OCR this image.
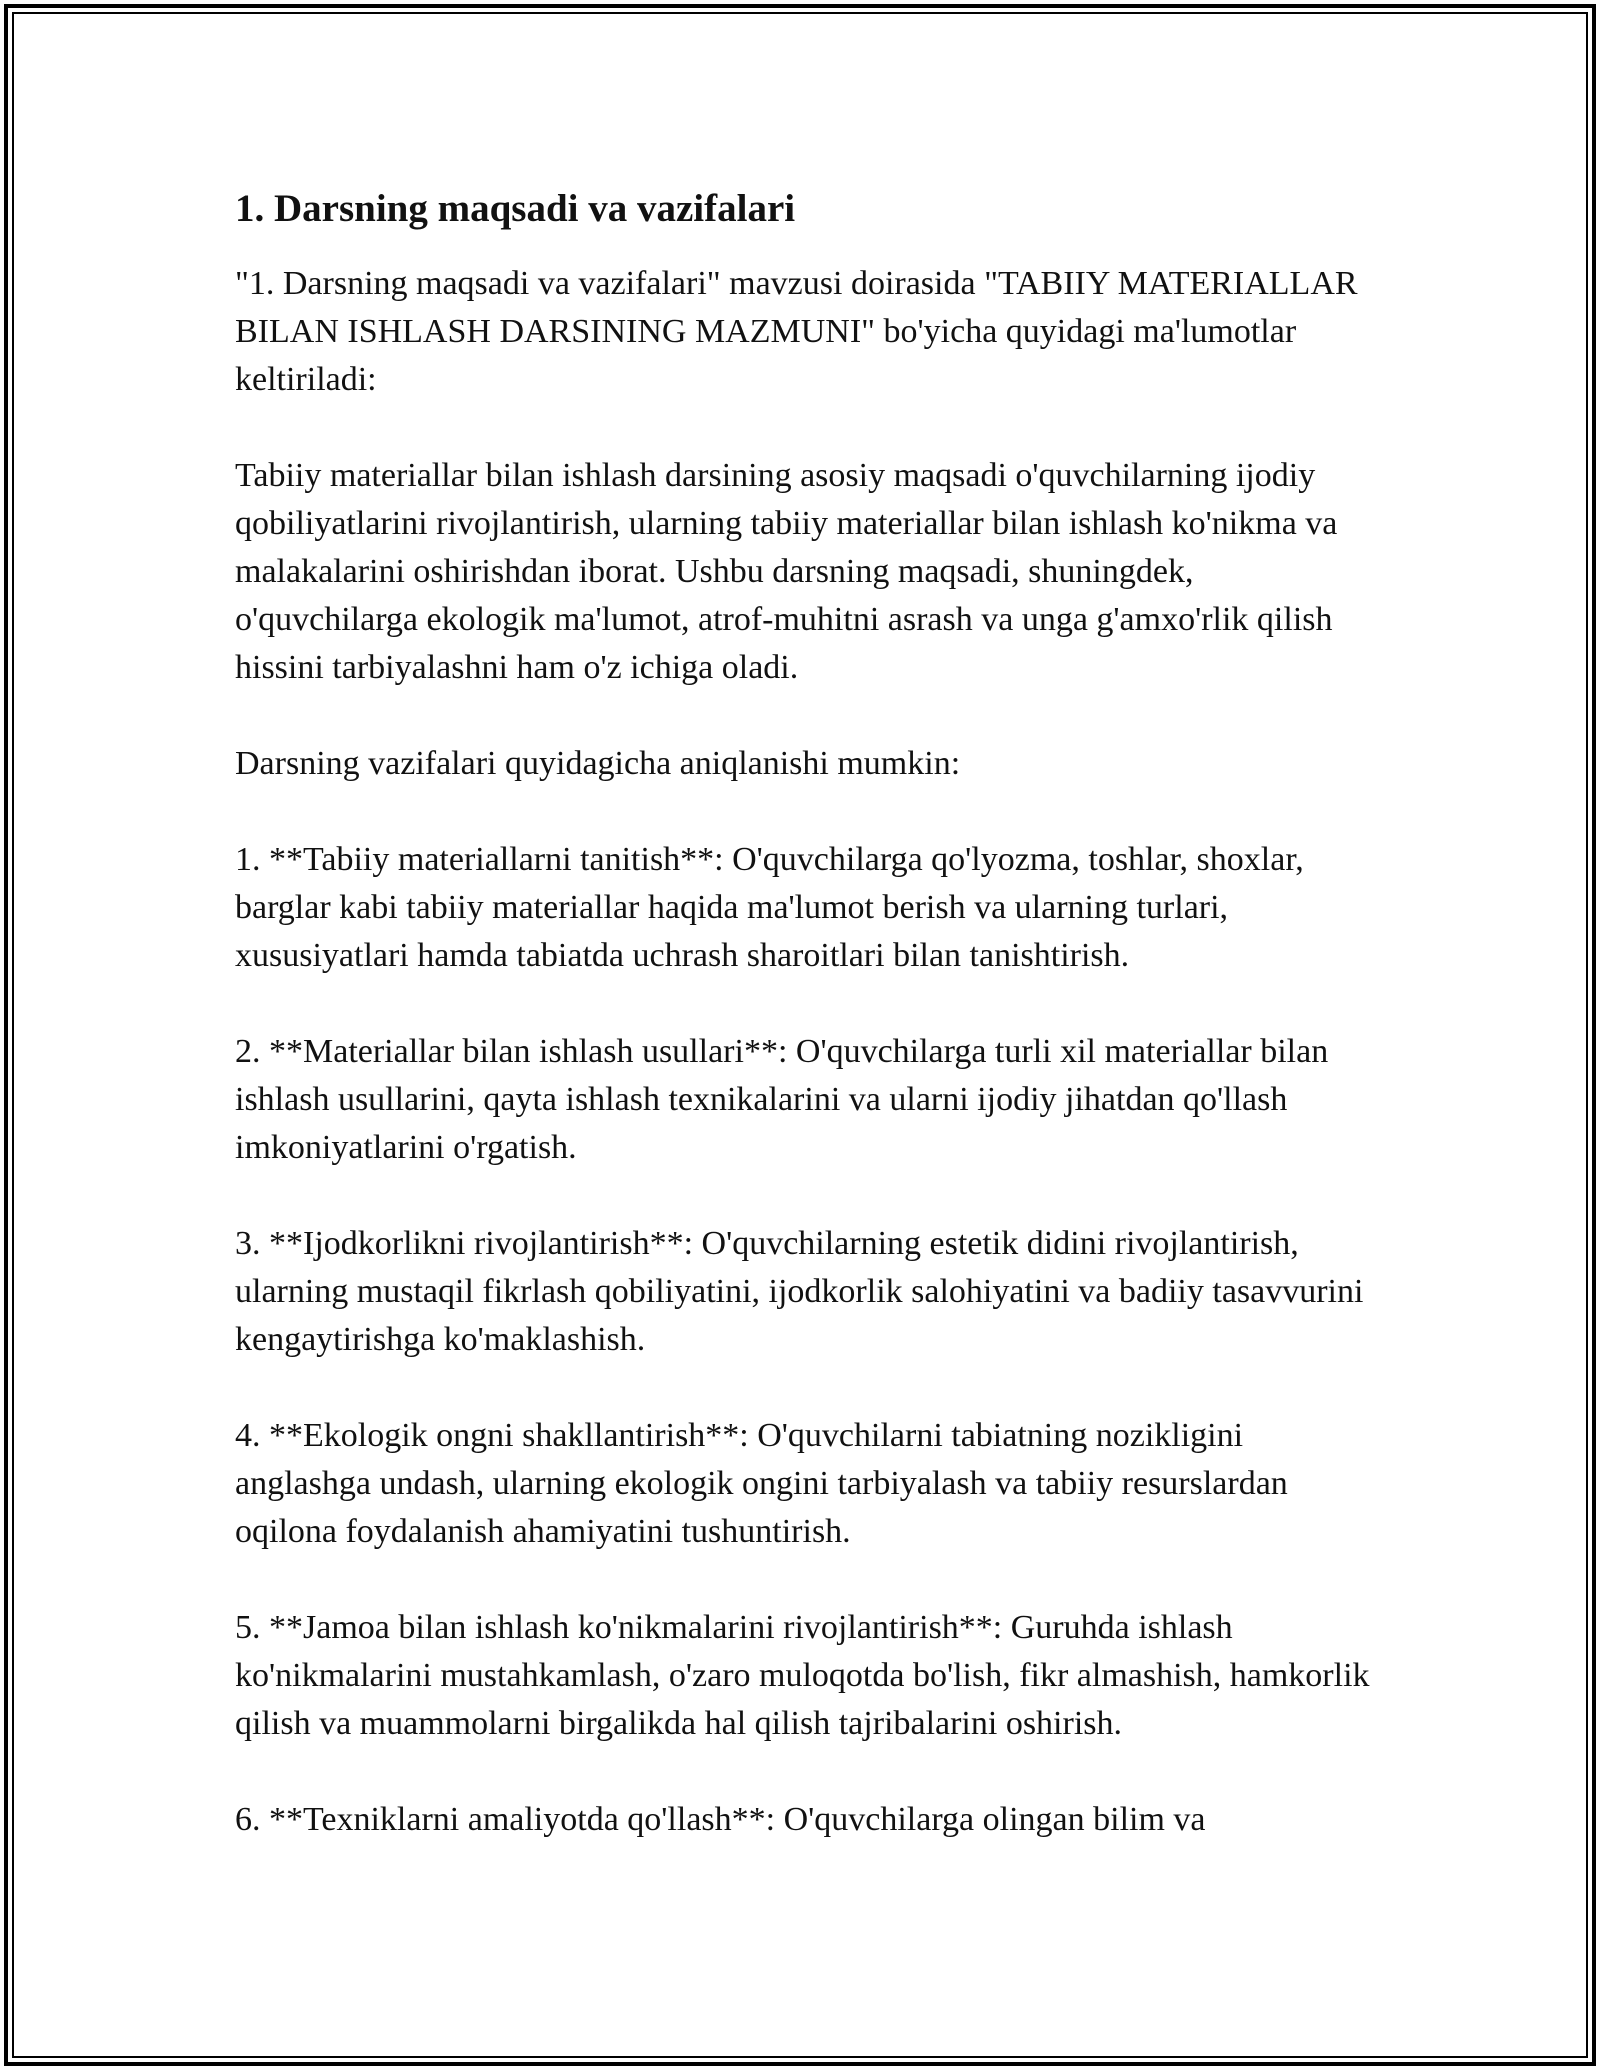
1. Darsning maqsadi va vazifalari

"1. Darsning maqsadi va vazifalari" mavzusi doirasida "TABIIY MATERIALLAR BILAN ISHLASH DARSINING MAZMUNI" bo'yicha quyidagi ma'lumotlar keltiriladi:

Tabiiy materiallar bilan ishlash darsining asosiy maqsadi o'quvchilarning ijodiy qobiliyatlarini rivojlantirish, ularning tabiiy materiallar bilan ishlash ko'nikma va malakalarini oshirishdan iborat. Ushbu darsning maqsadi, shuningdek, o'quvchilarga ekologik ma'lumot, atrof-muhitni asrash va unga g'amxo'rlik qilish hissini tarbiyalashni ham o'z ichiga oladi.

Darsning vazifalari quyidagicha aniqlanishi mumkin:

1. **Tabiiy materiallarni tanitish**: O'quvchilarga qo'lyozma, toshlar, shoxlar, barglar kabi tabiiy materiallar haqida ma'lumot berish va ularning turlari, xususiyatlari hamda tabiatda uchrash sharoitlari bilan tanishtirish.

2. **Materiallar bilan ishlash usullari**: O'quvchilarga turli xil materiallar bilan ishlash usullarini, qayta ishlash texnikalarini va ularni ijodiy jihatdan qo'llash imkoniyatlarini o'rgatish.

3. **Ijodkorlikni rivojlantirish**: O'quvchilarning estetik didini rivojlantirish, ularning mustaqil fikrlash qobiliyatini, ijodkorlik salohiyatini va badiiy tasavvurini kengaytirishga ko'maklashish.

4. **Ekologik ongni shakllantirish**: O'quvchilarni tabiatning nozikligini anglashga undash, ularning ekologik ongini tarbiyalash va tabiiy resurslardan oqilona foydalanish ahamiyatini tushuntirish.

5. **Jamoa bilan ishlash ko'nikmalarini rivojlantirish**: Guruhda ishlash ko'nikmalarini mustahkamlash, o'zaro muloqotda bo'lish, fikr almashish, hamkorlik qilish va muammolarni birgalikda hal qilish tajribalarini oshirish.

6. **Texniklarni amaliyotda qo'llash**: O'quvchilarga olingan bilim va
